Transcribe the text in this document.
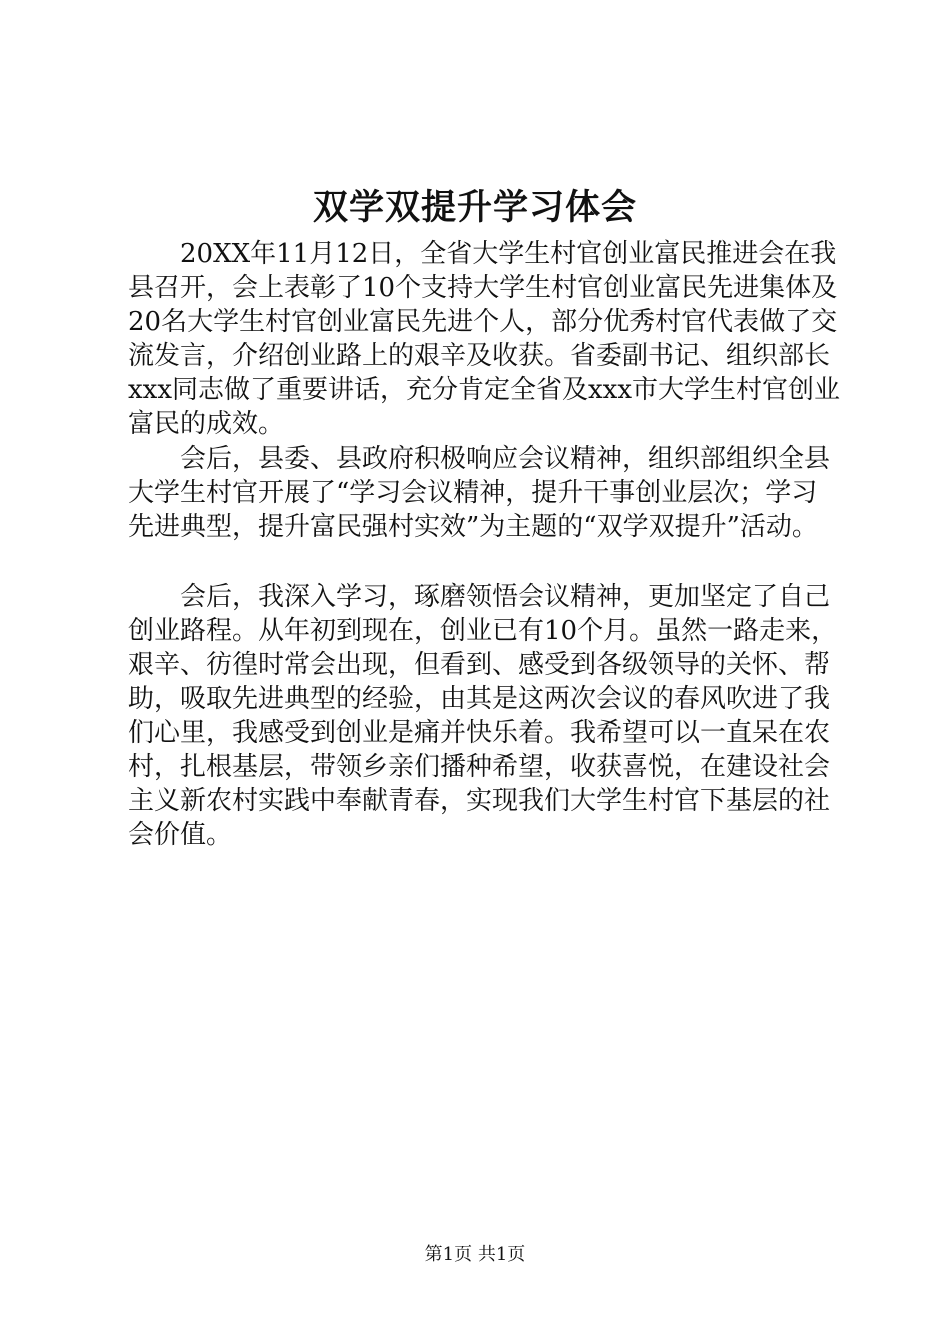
双学双提升学习体会
　　20XX年11月12日，全省大学生村官创业富民推进会在我
县召开，会上表彰了10个支持大学生村官创业富民先进集体及
20名大学生村官创业富民先进个人，部分优秀村官代表做了交
流发言，介绍创业路上的艰辛及收获。省委副书记、组织部长
xxx同志做了重要讲话，充分肯定全省及xxx市大学生村官创业
富民的成效。
　　会后，县委、县政府积极响应会议精神，组织部组织全县
大学生村官开展了“学习会议精神，提升干事创业层次；学习
先进典型，提升富民强村实效”为主题的“双学双提升”活动。
　　会后，我深入学习，琢磨领悟会议精神，更加坚定了自己
创业路程。从年初到现在，创业已有10个月。虽然一路走来，
艰辛、彷徨时常会出现，但看到、感受到各级领导的关怀、帮
助，吸取先进典型的经验，由其是这两次会议的春风吹进了我
们心里，我感受到创业是痛并快乐着。我希望可以一直呆在农
村，扎根基层，带领乡亲们播种希望，收获喜悦，在建设社会
主义新农村实践中奉献青春，实现我们大学生村官下基层的社
会价值。
第1页 共1页
